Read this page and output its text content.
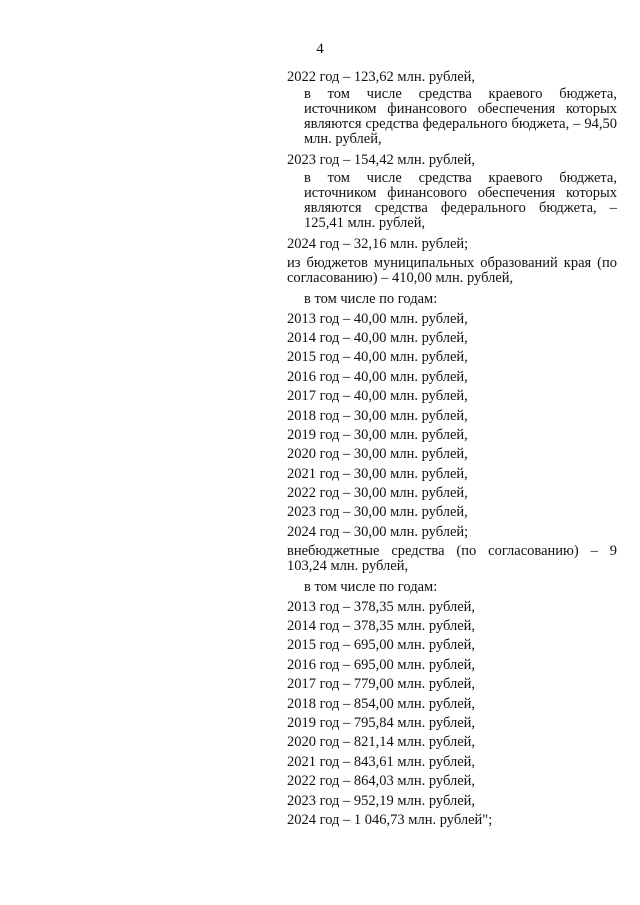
4
2022 год – 123,62 млн. рублей,
в том числе средства краевого бюджета, источником финансового обеспечения которых являются средства федерального бюджета, – 94,50 млн. рублей,
2023 год – 154,42 млн. рублей,
в том числе средства краевого бюджета, источником финансового обеспечения которых являются средства федерального бюджета, – 125,41 млн. рублей,
2024 год – 32,16 млн. рублей;
из бюджетов муниципальных образований края (по согласованию) – 410,00 млн. рублей,
в том числе по годам:
2013 год – 40,00 млн. рублей,
2014 год – 40,00 млн. рублей,
2015 год – 40,00 млн. рублей,
2016 год – 40,00 млн. рублей,
2017 год – 40,00 млн. рублей,
2018 год – 30,00 млн. рублей,
2019 год – 30,00 млн. рублей,
2020 год – 30,00 млн. рублей,
2021 год – 30,00 млн. рублей,
2022 год – 30,00 млн. рублей,
2023 год – 30,00 млн. рублей,
2024 год – 30,00 млн. рублей;
внебюджетные средства (по согласованию) – 9 103,24 млн. рублей,
в том числе по годам:
2013 год – 378,35 млн. рублей,
2014 год – 378,35 млн. рублей,
2015 год – 695,00 млн. рублей,
2016 год – 695,00 млн. рублей,
2017 год – 779,00 млн. рублей,
2018 год – 854,00 млн. рублей,
2019 год – 795,84 млн. рублей,
2020 год – 821,14 млн. рублей,
2021 год – 843,61 млн. рублей,
2022 год – 864,03 млн. рублей,
2023 год – 952,19 млн. рублей,
2024 год – 1 046,73 млн. рублей";
